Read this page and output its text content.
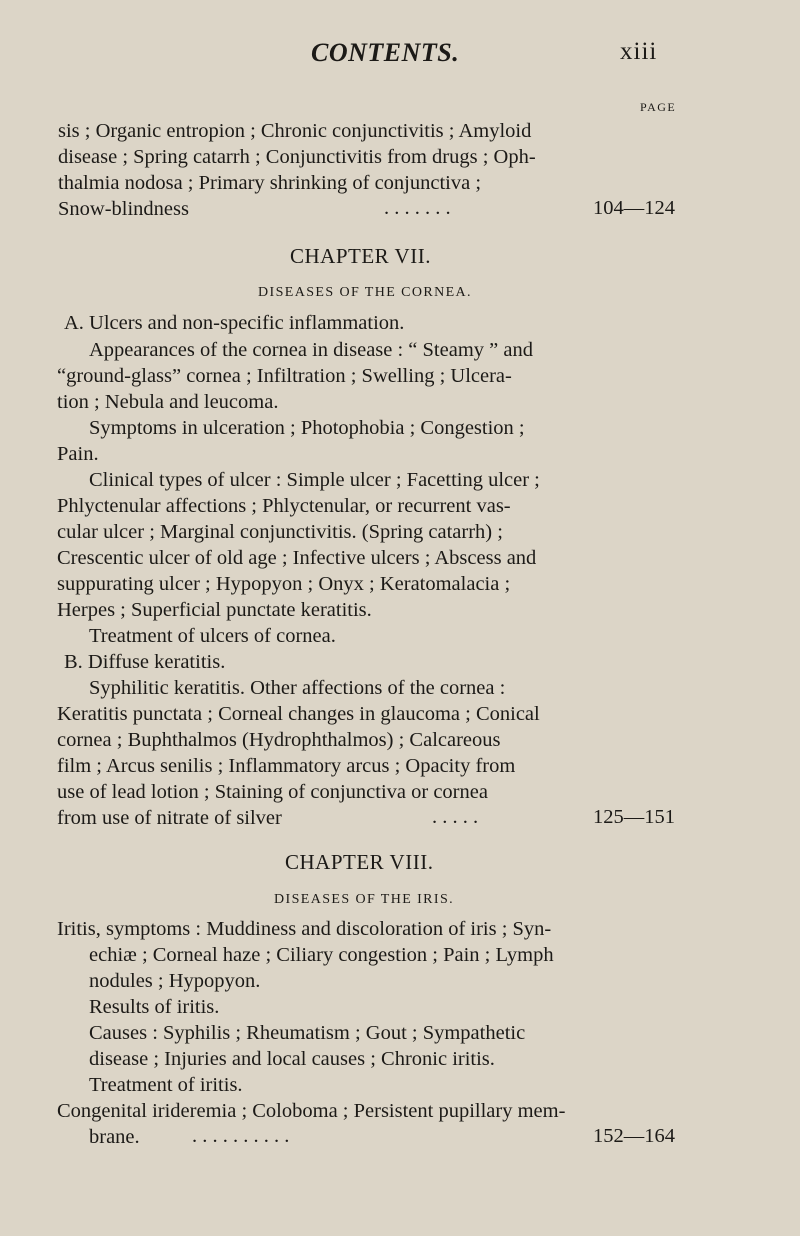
CONTENTS.	xiii
PAGE
sis ; Organic entropion ; Chronic conjunctivitis ; Amyloid
disease ; Spring catarrh ; Conjunctivitis from drugs ; Oph-
thalmia nodosa ; Primary shrinking of conjunctiva ;
Snow-blindness	. . . . . . .	104—124
CHAPTER VII.
DISEASES OF THE CORNEA.
A. Ulcers and non-specific inflammation.
Appearances of the cornea in disease : “ Steamy ” and
“ground-glass” cornea ; Infiltration ; Swelling ; Ulcera-
tion ; Nebula and leucoma.
Symptoms in ulceration ; Photophobia ; Congestion ;
Pain.
Clinical types of ulcer : Simple ulcer ; Facetting ulcer ;
Phlyctenular affections ; Phlyctenular, or recurrent vas-
cular ulcer ; Marginal conjunctivitis. (Spring catarrh) ;
Crescentic ulcer of old age ; Infective ulcers ; Abscess and
suppurating ulcer ; Hypopyon ; Onyx ; Keratomalacia ;
Herpes ; Superficial punctate keratitis.
Treatment of ulcers of cornea.
B. Diffuse keratitis.
Syphilitic keratitis. Other affections of the cornea :
Keratitis punctata ; Corneal changes in glaucoma ; Conical
cornea ; Buphthalmos (Hydrophthalmos) ; Calcareous
film ; Arcus senilis ; Inflammatory arcus ; Opacity from
use of lead lotion ; Staining of conjunctiva or cornea
from use of nitrate of silver	. . . . .	125—151
CHAPTER VIII.
DISEASES OF THE IRIS.
Iritis, symptoms : Muddiness and discoloration of iris ; Syn-
echiæ ; Corneal haze ; Ciliary congestion ; Pain ; Lymph
nodules ; Hypopyon.
Results of iritis.
Causes : Syphilis ; Rheumatism ; Gout ; Sympathetic
disease ; Injuries and local causes ; Chronic iritis.
Treatment of iritis.
Congenital irideremia ; Coloboma ; Persistent pupillary mem-
brane.	. . . . . . . . . .	152—164
